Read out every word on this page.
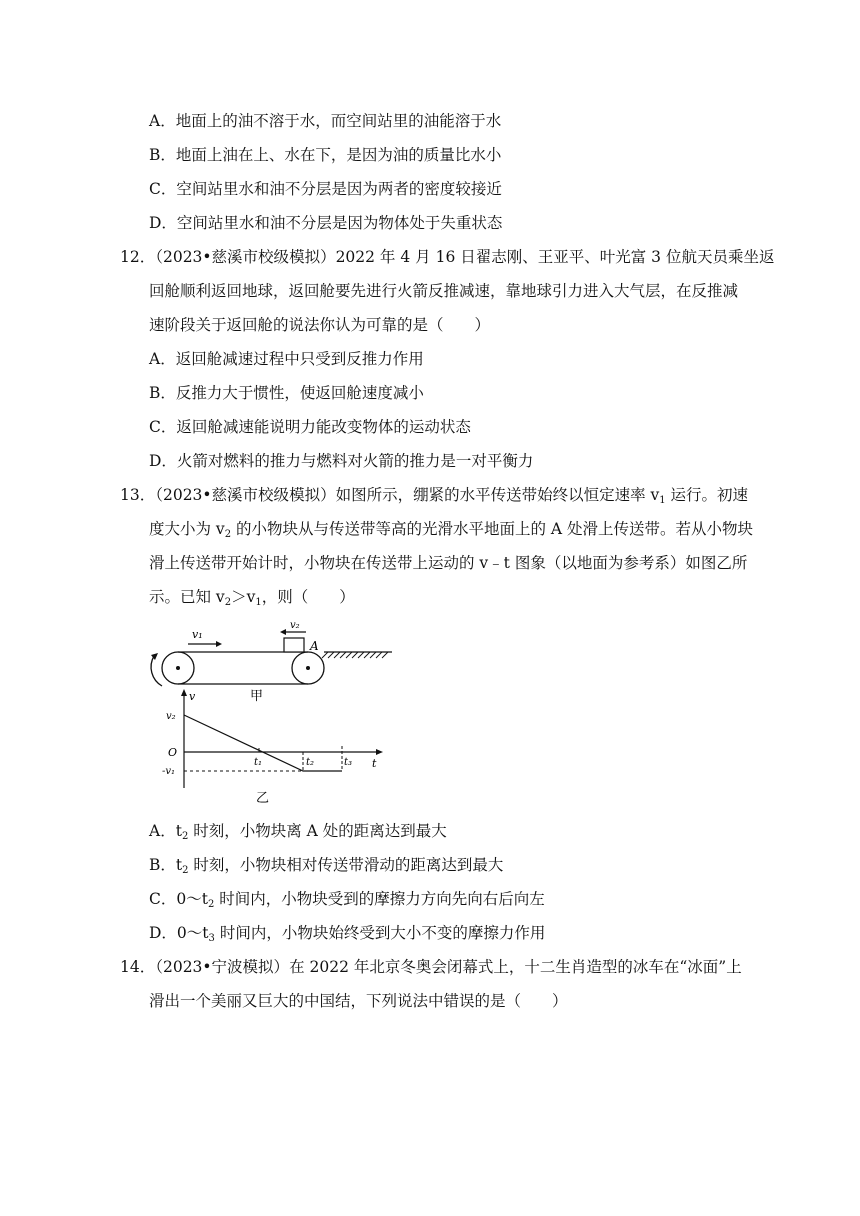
A．地面上的油不溶于水，而空间站里的油能溶于水
B．地面上油在上、水在下，是因为油的质量比水小
C．空间站里水和油不分层是因为两者的密度较接近
D．空间站里水和油不分层是因为物体处于失重状态
12．（2023•慈溪市校级模拟）2022 年 4 月 16 日翟志刚、王亚平、叶光富 3 位航天员乘坐返
回舱顺利返回地球，返回舱要先进行火箭反推减速，靠地球引力进入大气层，在反推减
速阶段关于返回舱的说法你认为可靠的是（　　）
A．返回舱减速过程中只受到反推力作用
B．反推力大于惯性，使返回舱速度减小
C．返回舱减速能说明力能改变物体的运动状态
D．火箭对燃料的推力与燃料对火箭的推力是一对平衡力
13．（2023•慈溪市校级模拟）如图所示，绷紧的水平传送带始终以恒定速率 $v_1$ 运行。初速
度大小为 $v_2$ 的小物块从与传送带等高的光滑水平地面上的 A 处滑上传送带。若从小物块
滑上传送带开始计时，小物块在传送带上运动的 v﹣t 图象（以地面为参考系）如图乙所
示。已知 $v_2>v_1$，则（　　）
v₁
v₂
A
甲
v
t
O
v₂
-v₁
t₁	t₂	t₃
乙
A．$t_2$ 时刻，小物块离 A 处的距离达到最大
B．$t_2$ 时刻，小物块相对传送带滑动的距离达到最大
C．$0\sim t_2$ 时间内，小物块受到的摩擦力方向先向右后向左
D．$0\sim t_3$ 时间内，小物块始终受到大小不变的摩擦力作用
14．（2023•宁波模拟）在 2022 年北京冬奥会闭幕式上，十二生肖造型的冰车在“冰面”上
滑出一个美丽又巨大的中国结，下列说法中错误的是（　　）
